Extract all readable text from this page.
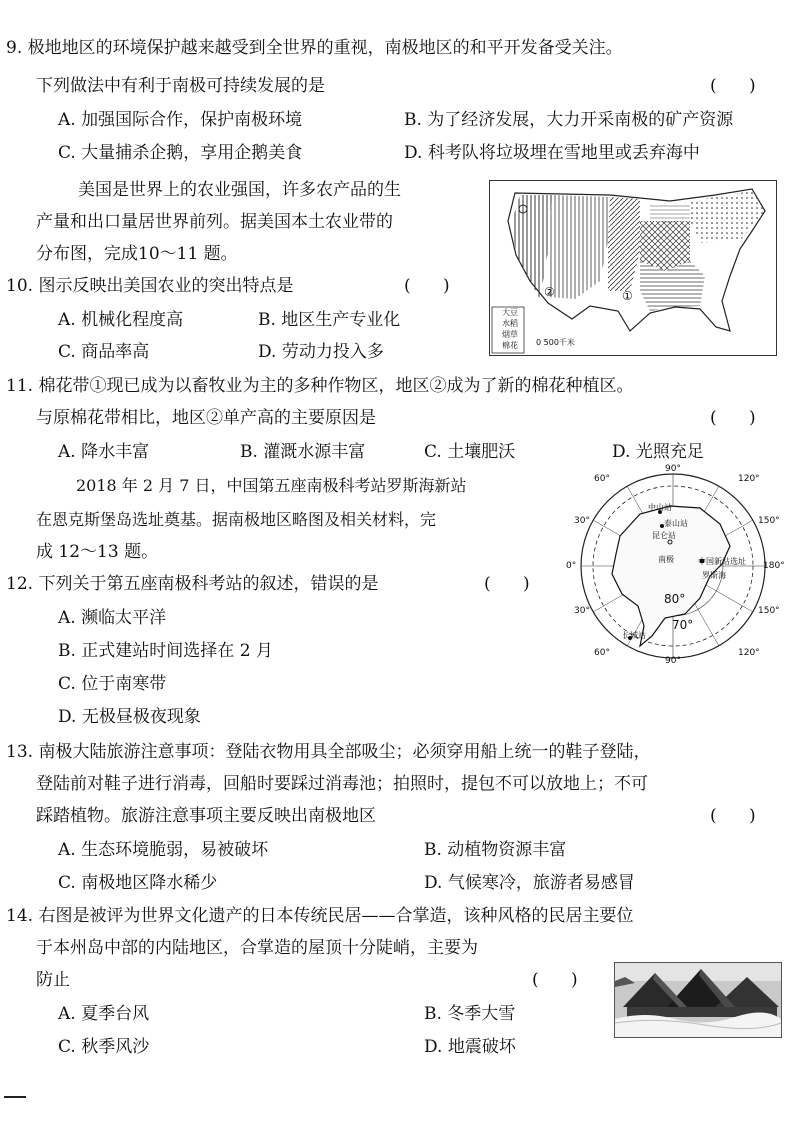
9. 极地地区的环境保护越来越受到全世界的重视，南极地区的和平开发备受关注。
下列做法中有利于南极可持续发展的是	(      )
A. 加强国际合作，保护南极环境	B. 为了经济发展，大力开采南极的矿产资源
C. 大量捕杀企鹅，享用企鹅美食	D. 科考队将垃圾埋在雪地里或丢弃海中
美国是世界上的农业强国，许多农产品的生
产量和出口量居世界前列。据美国本土农业带的
分布图，完成10～11 题。
10. 图示反映出美国农业的突出特点是	(      )
A. 机械化程度高	B. 地区生产专业化
C. 商品率高	D. 劳动力投入多
大豆
水稻
烟草
棉花 0 500千米
①
②
11. 棉花带①现已成为以畜牧业为主的多种作物区，地区②成为了新的棉花种植区。
与原棉花带相比，地区②单产高的主要原因是	(      )
A. 降水丰富	B. 灌溉水源丰富	C. 土壤肥沃	D. 光照充足
2018 年 2 月 7 日，中国第五座南极科考站罗斯海新站
在恩克斯堡岛选址奠基。据南极地区略图及相关材料，完
成 12～13 题。
12. 下列关于第五座南极科考站的叙述，错误的是	(      )
A. 濒临太平洋
B. 正式建站时间选择在 2 月
C. 位于南寒带
D. 无极昼极夜现象
90°
90°
120°
120°
60°
60°
150°
150°
30°
30°
0°	180°
80°
70°
中山站
泰山站
昆仑站
南极	中国新站选址
罗斯海
长城站
13. 南极大陆旅游注意事项：登陆衣物用具全部吸尘；必须穿用船上统一的鞋子登陆，
登陆前对鞋子进行消毒，回船时要踩过消毒池；拍照时，提包不可以放地上；不可
踩踏植物。旅游注意事项主要反映出南极地区	(      )
A. 生态环境脆弱，易被破坏	B. 动植物资源丰富
C. 南极地区降水稀少	D. 气候寒冷，旅游者易感冒
14. 右图是被评为世界文化遗产的日本传统民居——合掌造，该种风格的民居主要位
于本州岛中部的内陆地区，合掌造的屋顶十分陡峭，主要为
防止	(      )
A. 夏季台风	B. 冬季大雪
C. 秋季风沙	D. 地震破坏
